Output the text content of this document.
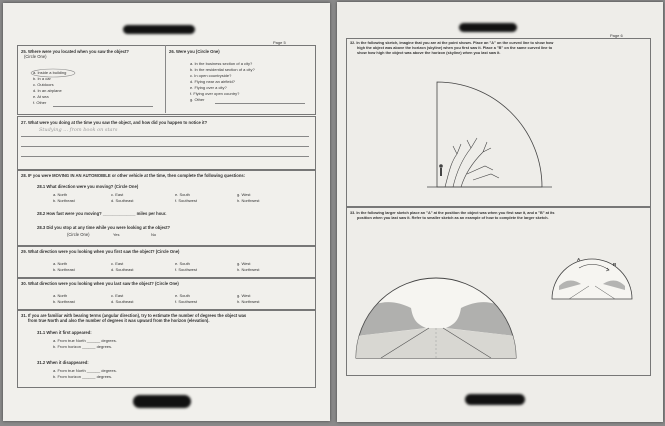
Page 5
25. Where were you located when you saw the object?
(Circle One)
a. Inside a building
b. In a car
c. Outdoors
d. In an airplane
e. At sea
f. Other
26. Were you (Circle One)
a. In the business section of a city?
b. In the residential section of a city?
c. In open countryside?
d. Flying near an airfield?
e. Flying over a city?
f. Flying over open country?
g. Other
27. What were you doing at the time you saw the object, and how did you happen to notice it?
Studying ... from book on stars
28. IF you were MOVING IN AN AUTOMOBILE or other vehicle at the time, then complete the following questions:
28.1 What direction were you moving? (Circle One)
a. North
b. Northeast
c. East
d. Southeast
e. South
f. Southwest
g. West
h. Northwest
28.2 How fast were you moving? ______________ miles per hour.
28.3 Did you stop at any time while you were looking at the object?
(Circle One)	Yes	No
29. What direction were you looking when you first saw the object? (Circle One)
a. North
b. Northeast
c. East
d. Southeast
e. South
f. Southwest
g. West
h. Northwest
30. What direction were you looking when you last saw the object? (Circle One)
a. North
b. Northeast
c. East
d. Southeast
e. South
f. Southwest
g. West
h. Northwest
31. If you are familiar with bearing terms (angular direction), try to estimate the number of degrees the object was
from true North and also the number of degrees it was upward from the horizon (elevation).
31.1 When it first appeared:
a. From true North ______ degrees.
b. From horizon ______ degrees.
31.2 When it disappeared:
a. From true North ______ degrees.
b. From horizon ______ degrees.
Page 6
32. In the following sketch, imagine that you are at the point shown. Place an "A" on the curved line to show how
high the object was above the horizon (skyline) when you first saw it. Place a "B" on the same curved line to
show how high the object was above the horizon (skyline) when you last saw it.
33. In the following larger sketch place an "A" at the position the object was when you first saw it, and a "B" at its
position when you last saw it. Refer to smaller sketch as an example of how to complete the larger sketch.
A
B
